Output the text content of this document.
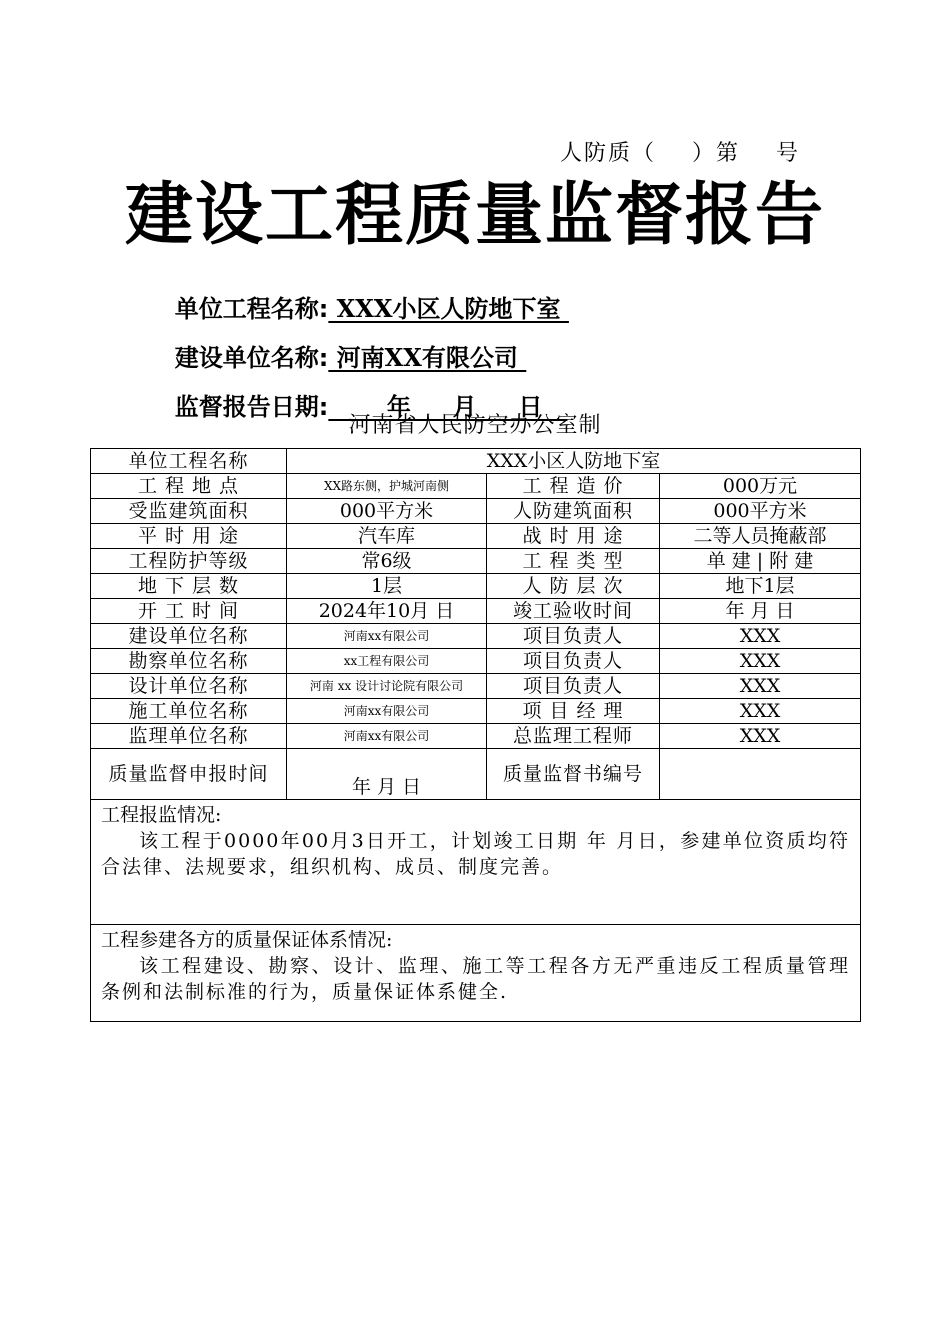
人防质（    ）第    号
建设工程质量监督报告

单位工程名称: XXX小区人防地下室

建设单位名称: 河南XX有限公司

监督报告日期:       年     月     日

河南省人民防空办公室制
单位工程名称	XXX小区人防地下室		
工 程 地 点	XX路东侧，护城河南侧	工 程 造 价	000万元
受监建筑面积	000平方米	人防建筑面积	000平方米
平 时 用 途	汽车库	战 时 用 途	二等人员掩蔽部
工程防护等级	常6级	工 程 类 型	单 建 | 附 建
地 下 层 数	1层	人 防 层 次	地下1层
开 工 时 间	2024年10月 日	竣工验收时间	年 月 日
建设单位名称	河南xx有限公司	项目负责人	XXX
勘察单位名称	xx工程有限公司	项目负责人	XXX
设计单位名称	河南 xx 设计讨论院有限公司	项目负责人	XXX
施工单位名称	河南xx有限公司	项 目 经 理	XXX
监理单位名称	河南xx有限公司	总监理工程师	XXX
质量监督申报时间	年 月 日	质量监督书编号	

工程报监情况:
该工程于0000年00月3日开工，计划竣工日期 年 月日，参建单位资质均符合法律、法规要求，组织机构、成员、制度完善。			

工程参建各方的质量保证体系情况:
该工程建设、勘察、设计、监理、施工等工程各方无严重违反工程质量管理条例和法制标准的行为，质量保证体系健全.			
